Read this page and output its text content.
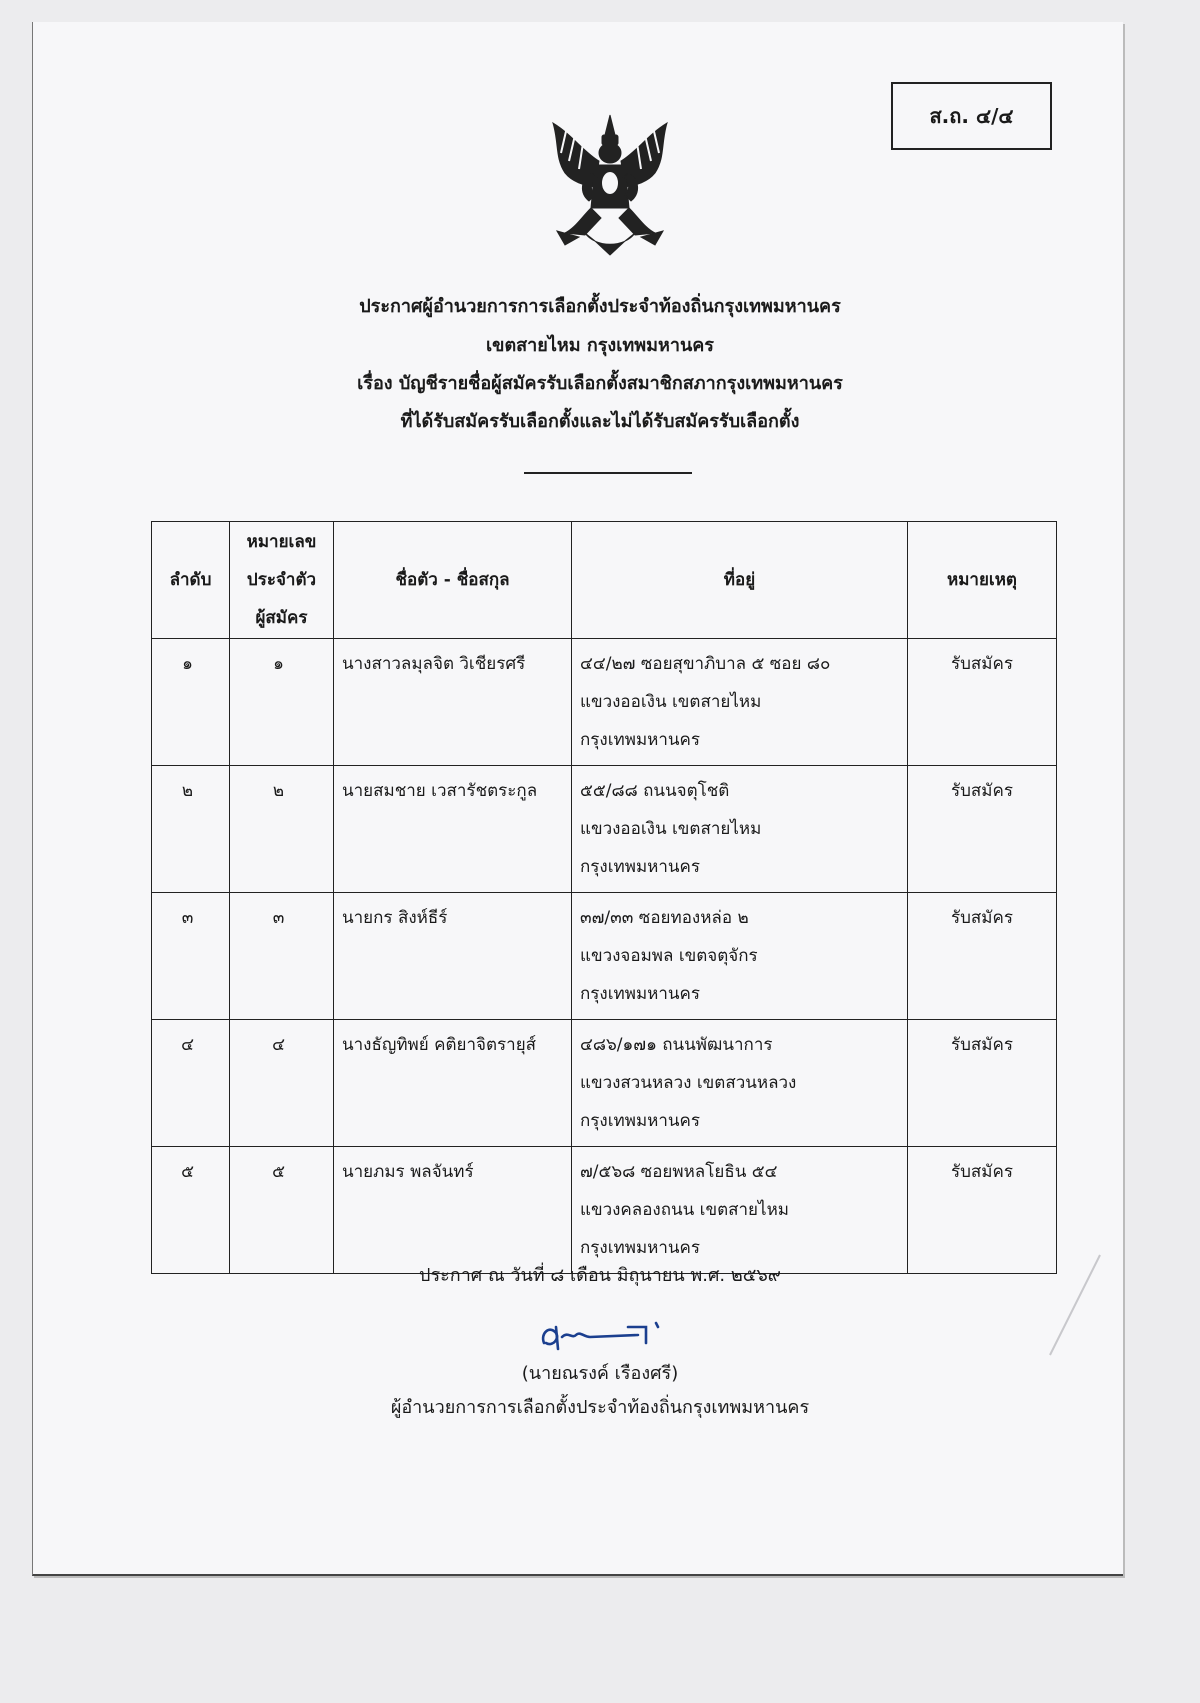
ส.ถ. ๔/๔
ประกาศผู้อำนวยการการเลือกตั้งประจำท้องถิ่นกรุงเทพมหานคร
เขตสายไหม กรุงเทพมหานคร
เรื่อง บัญชีรายชื่อผู้สมัครรับเลือกตั้งสมาชิกสภากรุงเทพมหานคร
ที่ได้รับสมัครรับเลือกตั้งและไม่ได้รับสมัครรับเลือกตั้ง
ลำดับ	หมายเลข
ประจำตัว
ผู้สมัคร	ชื่อตัว - ชื่อสกุล	ที่อยู่	หมายเหตุ
๑	๑	นางสาวลมุลจิต วิเชียรศรี	๔๔/๒๗ ซอยสุขาภิบาล ๕ ซอย ๘๐
แขวงออเงิน เขตสายไหม
กรุงเทพมหานคร	รับสมัคร
๒	๒	นายสมชาย เวสารัชตระกูล	๕๕/๘๘ ถนนจตุโชติ
แขวงออเงิน เขตสายไหม
กรุงเทพมหานคร	รับสมัคร
๓	๓	นายกร สิงห์ธีร์	๓๗/๓๓ ซอยทองหล่อ ๒
แขวงจอมพล เขตจตุจักร
กรุงเทพมหานคร	รับสมัคร
๔	๔	นางธัญทิพย์ คติยาจิตรายุส์	๔๘๖/๑๗๑ ถนนพัฒนาการ
แขวงสวนหลวง เขตสวนหลวง
กรุงเทพมหานคร	รับสมัคร
๕	๕	นายภมร พลจันทร์	๗/๕๖๘ ซอยพหลโยธิน ๕๔
แขวงคลองถนน เขตสายไหม
กรุงเทพมหานคร	รับสมัคร
ประกาศ ณ วันที่ ๘ เดือน มิถุนายน พ.ศ. ๒๕๖๙
(นายณรงค์ เรืองศรี)
ผู้อำนวยการการเลือกตั้งประจำท้องถิ่นกรุงเทพมหานคร
